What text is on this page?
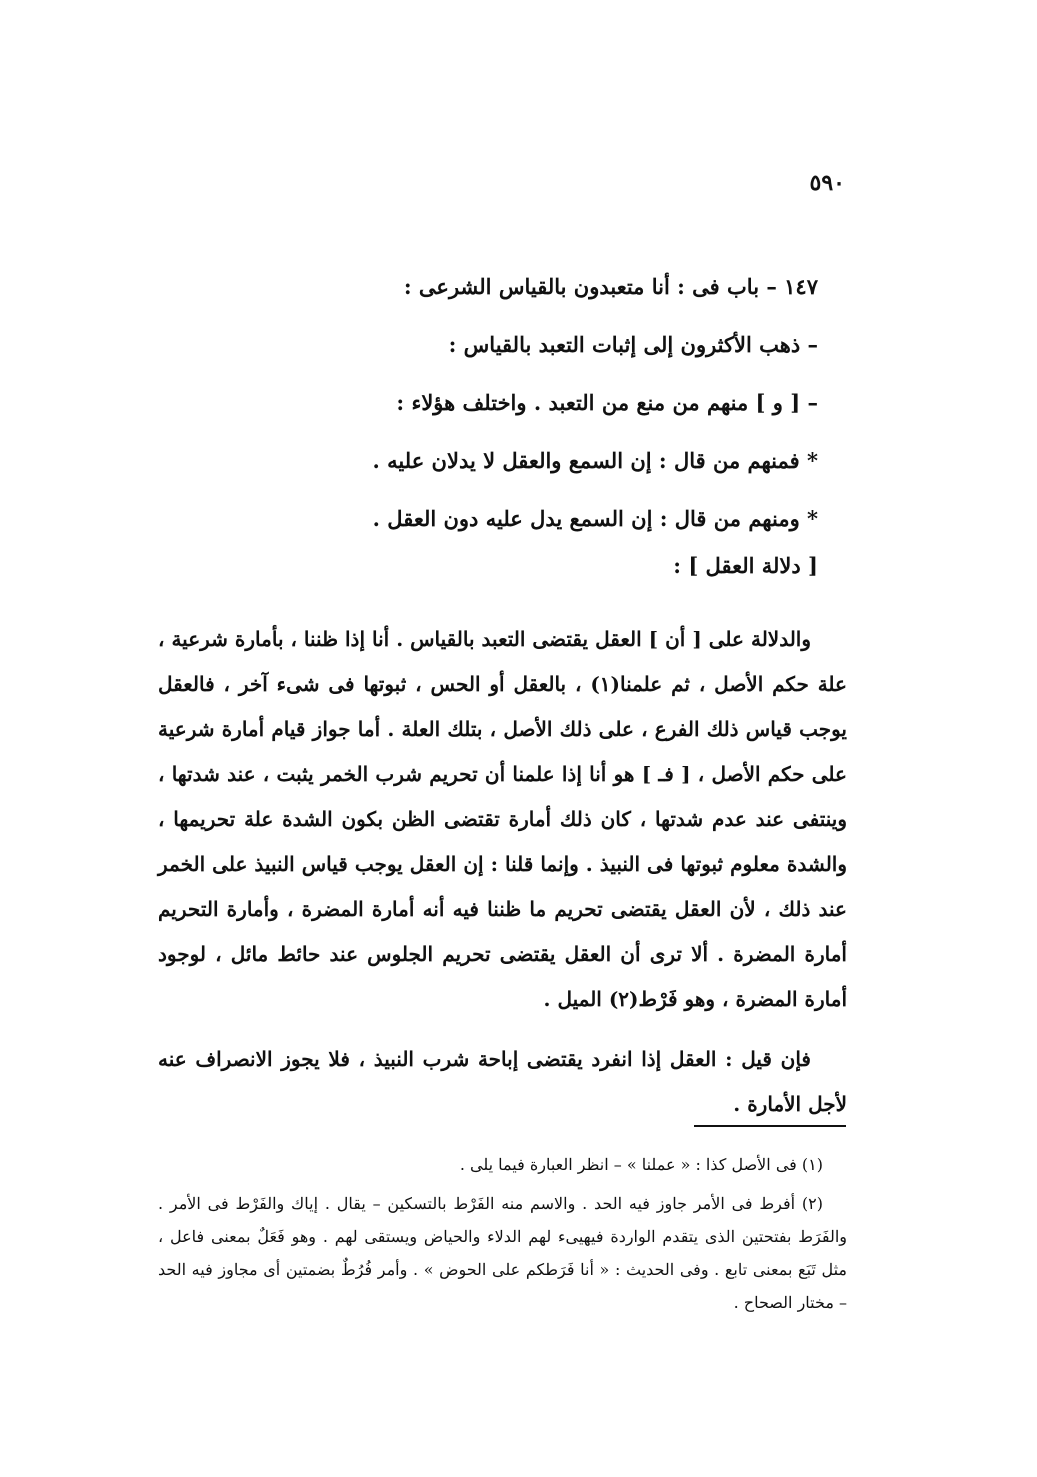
٥٩٠
١٤٧ – باب فى : أنا متعبدون بالقياس الشرعى :
– ذهب الأكثرون إلى إثبات التعبد بالقياس :
– [ و ] منهم من منع من التعبد . واختلف هؤلاء :
* فمنهم من قال : إن السمع والعقل لا يدلان عليه .
* ومنهم من قال : إن السمع يدل عليه دون العقل .
[ دلالة العقل ] :

والدلالة على [ أن ] العقل يقتضى التعبد بالقياس . أنا إذا ظننا ، بأمارة شرعية ، علة حكم الأصل ، ثم علمنا(١) ، بالعقل أو الحس ، ثبوتها فى شىء آخر ، فالعقل يوجب قياس ذلك الفرع ، على ذلك الأصل ، بتلك العلة . أما جواز قيام أمارة شرعية على حكم الأصل ، [ فـ ] هو أنا إذا علمنا أن تحريم شرب الخمر يثبت ، عند شدتها ، وينتفى عند عدم شدتها ، كان ذلك أمارة تقتضى الظن بكون الشدة علة تحريمها ، والشدة معلوم ثبوتها فى النبيذ . وإنما قلنا : إن العقل يوجب قياس النبيذ على الخمر عند ذلك ، لأن العقل يقتضى تحريم ما ظننا فيه أنه أمارة المضرة ، وأمارة التحريم أمارة المضرة . ألا ترى أن العقل يقتضى تحريم الجلوس عند حائط مائل ، لوجود أمارة المضرة ، وهو فَرْط(٢) الميل .

فإن قيل : العقل إذا انفرد يقتضى إباحة شرب النبيذ ، فلا يجوز الانصراف عنه لأجل الأمارة .

(١) فى الأصل كذا : « عملنا » – انظر العبارة فيما يلى .

(٢) أفرط فى الأمر جاوز فيه الحد . والاسم منه الفَرْط بالتسكين – يقال . إياك والفَرْط فى الأمر . والفَرَط بفتحتين الذى يتقدم الواردة فيهيىء لهم الدلاء والحياض ويستقى لهم . وهو فَعَلٌ بمعنى فاعل ، مثل تَبَع بمعنى تابع . وفى الحديث : « أنا فَرَطكم على الحوض » . وأمر فُرُطٌ بضمتين أى مجاوز فيه الحد – مختار الصحاح .
